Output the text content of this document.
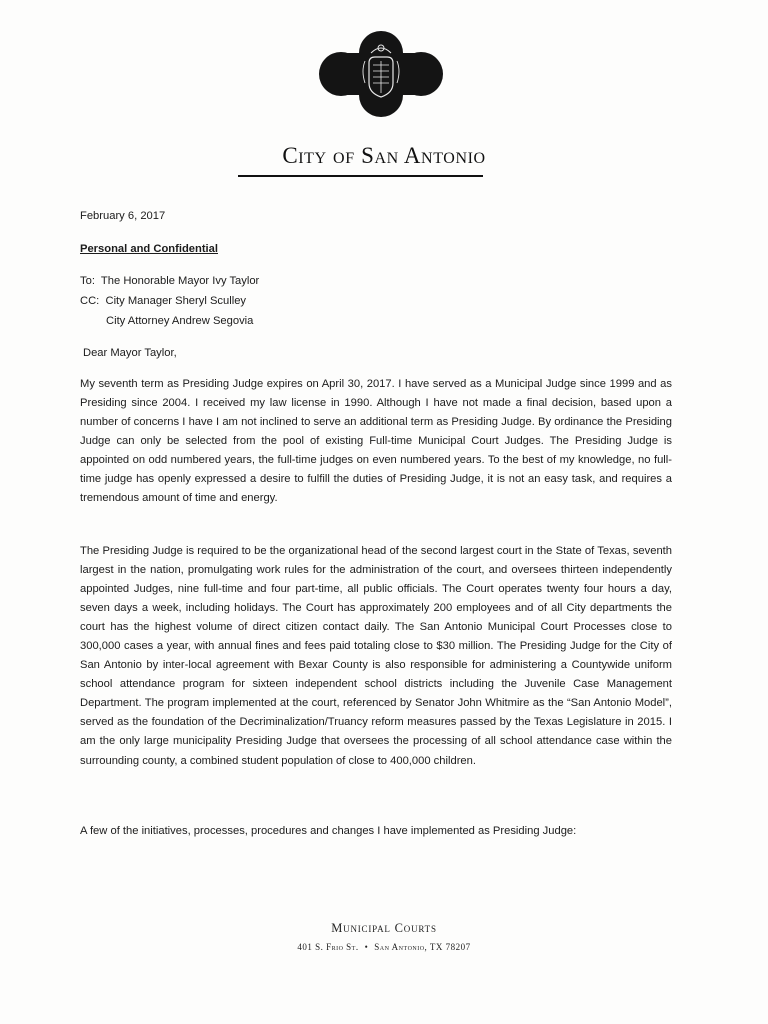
City of San Antonio
February 6, 2017
Personal and Confidential
To:  The Honorable Mayor Ivy Taylor
CC:  City Manager Sheryl Sculley
City Attorney Andrew Segovia
Dear Mayor Taylor,
My seventh term as Presiding Judge expires on April 30, 2017. I have served as a Municipal Judge since 1999 and as Presiding since 2004. I received my law license in 1990. Although I have not made a final decision, based upon a number of concerns I have I am not inclined to serve an additional term as Presiding Judge. By ordinance the Presiding Judge can only be selected from the pool of existing Full-time Municipal Court Judges. The Presiding Judge is appointed on odd numbered years, the full-time judges on even numbered years. To the best of my knowledge, no full-time judge has openly expressed a desire to fulfill the duties of Presiding Judge, it is not an easy task, and requires a tremendous amount of time and energy.
The Presiding Judge is required to be the organizational head of the second largest court in the State of Texas, seventh largest in the nation, promulgating work rules for the administration of the court, and oversees thirteen independently appointed Judges, nine full-time and four part-time, all public officials. The Court operates twenty four hours a day, seven days a week, including holidays. The Court has approximately 200 employees and of all City departments the court has the highest volume of direct citizen contact daily. The San Antonio Municipal Court Processes close to 300,000 cases a year, with annual fines and fees paid totaling close to $30 million. The Presiding Judge for the City of San Antonio by inter-local agreement with Bexar County is also responsible for administering a Countywide uniform school attendance program for sixteen independent school districts including the Juvenile Case Management Department. The program implemented at the court, referenced by Senator John Whitmire as the “San Antonio Model”, served as the foundation of the Decriminalization/Truancy reform measures passed by the Texas Legislature in 2015. I am the only large municipality Presiding Judge that oversees the processing of all school attendance case within the surrounding county, a combined student population of close to 400,000 children.
A few of the initiatives, processes, procedures and changes I have implemented as Presiding Judge:
Municipal Courts
401 S. Frio St. • San Antonio, TX 78207
